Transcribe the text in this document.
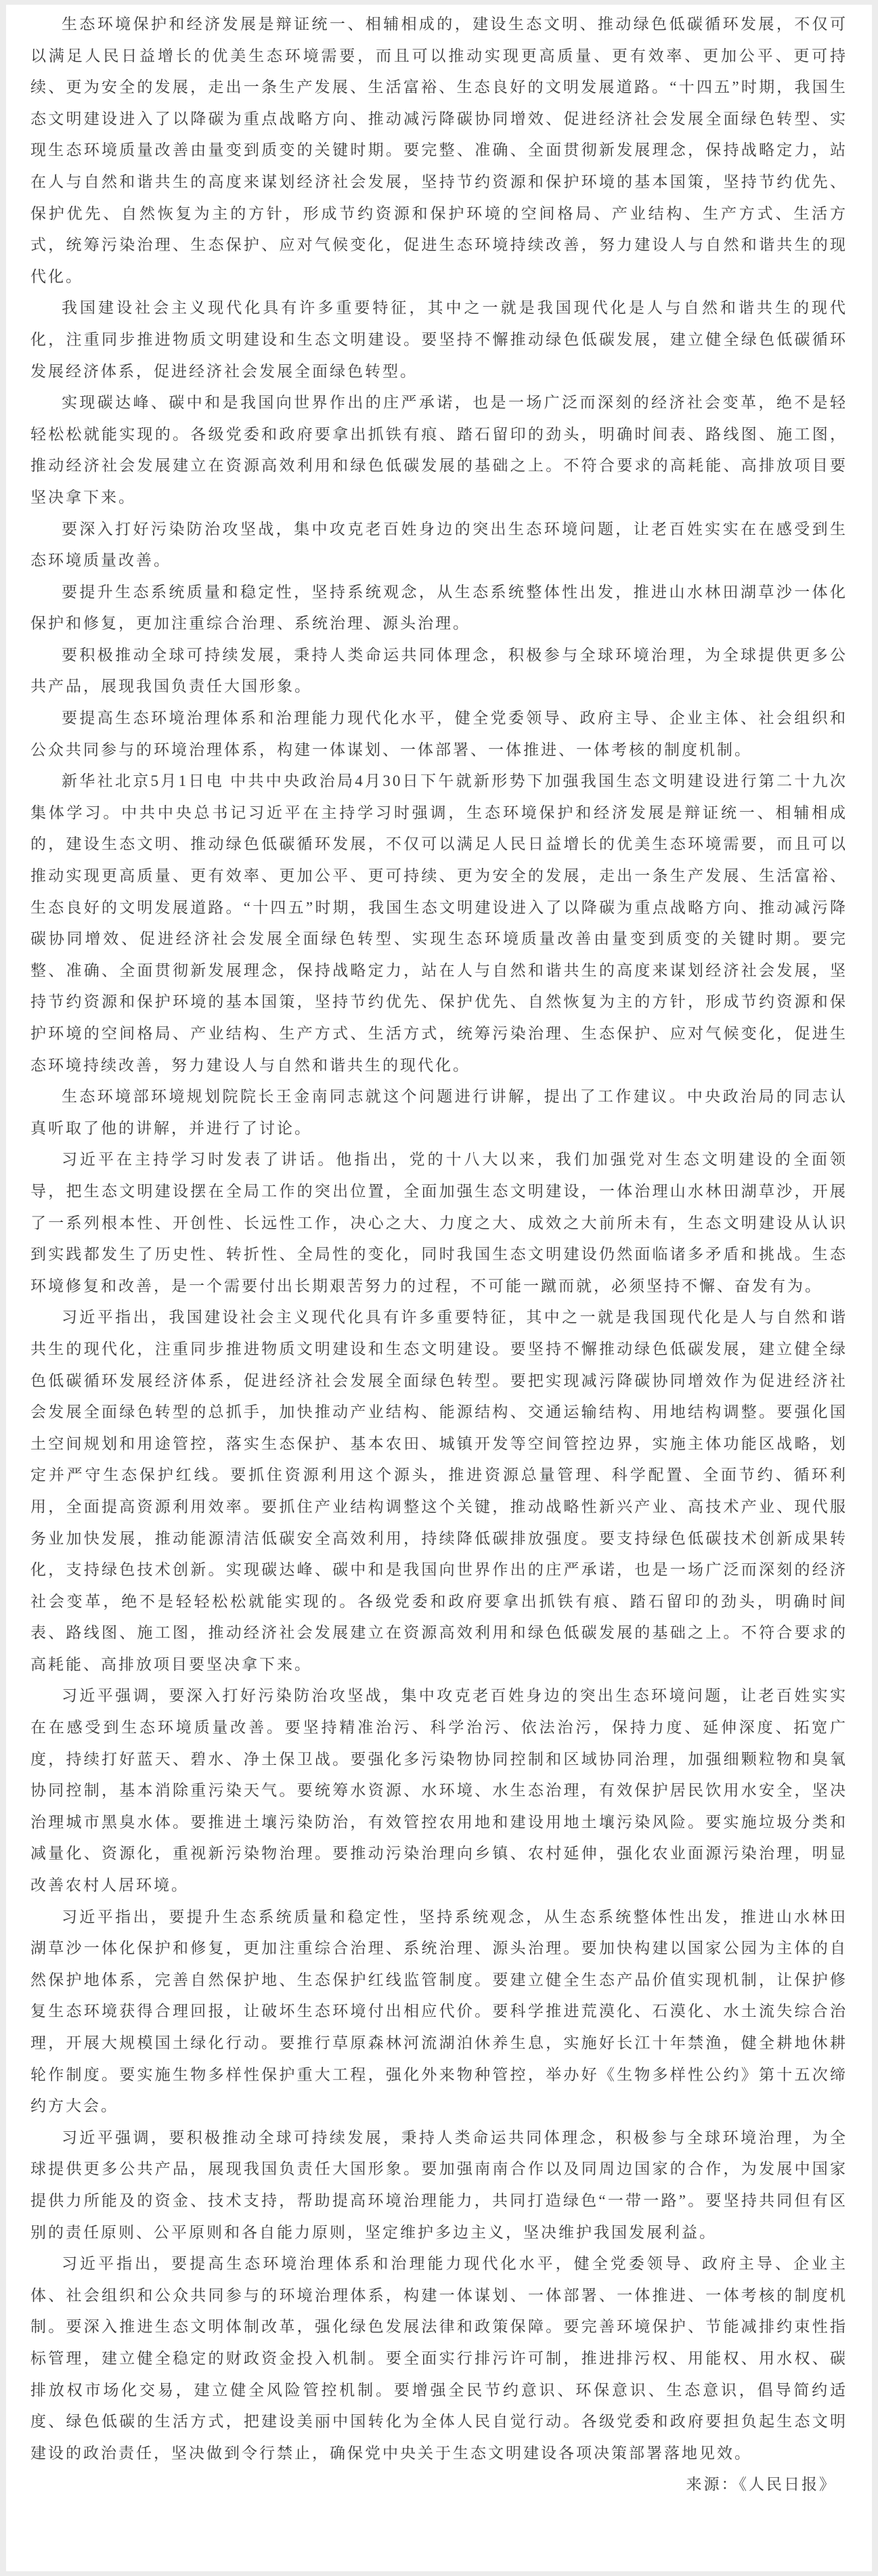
生态环境保护和经济发展是辩证统一、相辅相成的，建设生态文明、推动绿色低碳循环发展，不仅可以满足人民日益增长的优美生态环境需要，而且可以推动实现更高质量、更有效率、更加公平、更可持续、更为安全的发展，走出一条生产发展、生活富裕、生态良好的文明发展道路。“十四五”时期，我国生态文明建设进入了以降碳为重点战略方向、推动减污降碳协同增效、促进经济社会发展全面绿色转型、实现生态环境质量改善由量变到质变的关键时期。要完整、准确、全面贯彻新发展理念，保持战略定力，站在人与自然和谐共生的高度来谋划经济社会发展，坚持节约资源和保护环境的基本国策，坚持节约优先、保护优先、自然恢复为主的方针，形成节约资源和保护环境的空间格局、产业结构、生产方式、生活方式，统筹污染治理、生态保护、应对气候变化，促进生态环境持续改善，努力建设人与自然和谐共生的现代化。

我国建设社会主义现代化具有许多重要特征，其中之一就是我国现代化是人与自然和谐共生的现代化，注重同步推进物质文明建设和生态文明建设。要坚持不懈推动绿色低碳发展，建立健全绿色低碳循环发展经济体系，促进经济社会发展全面绿色转型。

实现碳达峰、碳中和是我国向世界作出的庄严承诺，也是一场广泛而深刻的经济社会变革，绝不是轻轻松松就能实现的。各级党委和政府要拿出抓铁有痕、踏石留印的劲头，明确时间表、路线图、施工图，推动经济社会发展建立在资源高效利用和绿色低碳发展的基础之上。不符合要求的高耗能、高排放项目要坚决拿下来。

要深入打好污染防治攻坚战，集中攻克老百姓身边的突出生态环境问题，让老百姓实实在在感受到生态环境质量改善。

要提升生态系统质量和稳定性，坚持系统观念，从生态系统整体性出发，推进山水林田湖草沙一体化保护和修复，更加注重综合治理、系统治理、源头治理。

要积极推动全球可持续发展，秉持人类命运共同体理念，积极参与全球环境治理，为全球提供更多公共产品，展现我国负责任大国形象。

要提高生态环境治理体系和治理能力现代化水平，健全党委领导、政府主导、企业主体、社会组织和公众共同参与的环境治理体系，构建一体谋划、一体部署、一体推进、一体考核的制度机制。

新华社北京5月1日电 中共中央政治局4月30日下午就新形势下加强我国生态文明建设进行第二十九次集体学习。中共中央总书记习近平在主持学习时强调，生态环境保护和经济发展是辩证统一、相辅相成的，建设生态文明、推动绿色低碳循环发展，不仅可以满足人民日益增长的优美生态环境需要，而且可以推动实现更高质量、更有效率、更加公平、更可持续、更为安全的发展，走出一条生产发展、生活富裕、生态良好的文明发展道路。“十四五”时期，我国生态文明建设进入了以降碳为重点战略方向、推动减污降碳协同增效、促进经济社会发展全面绿色转型、实现生态环境质量改善由量变到质变的关键时期。要完整、准确、全面贯彻新发展理念，保持战略定力，站在人与自然和谐共生的高度来谋划经济社会发展，坚持节约资源和保护环境的基本国策，坚持节约优先、保护优先、自然恢复为主的方针，形成节约资源和保护环境的空间格局、产业结构、生产方式、生活方式，统筹污染治理、生态保护、应对气候变化，促进生态环境持续改善，努力建设人与自然和谐共生的现代化。

生态环境部环境规划院院长王金南同志就这个问题进行讲解，提出了工作建议。中央政治局的同志认真听取了他的讲解，并进行了讨论。

习近平在主持学习时发表了讲话。他指出，党的十八大以来，我们加强党对生态文明建设的全面领导，把生态文明建设摆在全局工作的突出位置，全面加强生态文明建设，一体治理山水林田湖草沙，开展了一系列根本性、开创性、长远性工作，决心之大、力度之大、成效之大前所未有，生态文明建设从认识到实践都发生了历史性、转折性、全局性的变化，同时我国生态文明建设仍然面临诸多矛盾和挑战。生态环境修复和改善，是一个需要付出长期艰苦努力的过程，不可能一蹴而就，必须坚持不懈、奋发有为。

习近平指出，我国建设社会主义现代化具有许多重要特征，其中之一就是我国现代化是人与自然和谐共生的现代化，注重同步推进物质文明建设和生态文明建设。要坚持不懈推动绿色低碳发展，建立健全绿色低碳循环发展经济体系，促进经济社会发展全面绿色转型。要把实现减污降碳协同增效作为促进经济社会发展全面绿色转型的总抓手，加快推动产业结构、能源结构、交通运输结构、用地结构调整。要强化国土空间规划和用途管控，落实生态保护、基本农田、城镇开发等空间管控边界，实施主体功能区战略，划定并严守生态保护红线。要抓住资源利用这个源头，推进资源总量管理、科学配置、全面节约、循环利用，全面提高资源利用效率。要抓住产业结构调整这个关键，推动战略性新兴产业、高技术产业、现代服务业加快发展，推动能源清洁低碳安全高效利用，持续降低碳排放强度。要支持绿色低碳技术创新成果转化，支持绿色技术创新。实现碳达峰、碳中和是我国向世界作出的庄严承诺，也是一场广泛而深刻的经济社会变革，绝不是轻轻松松就能实现的。各级党委和政府要拿出抓铁有痕、踏石留印的劲头，明确时间表、路线图、施工图，推动经济社会发展建立在资源高效利用和绿色低碳发展的基础之上。不符合要求的高耗能、高排放项目要坚决拿下来。

习近平强调，要深入打好污染防治攻坚战，集中攻克老百姓身边的突出生态环境问题，让老百姓实实在在感受到生态环境质量改善。要坚持精准治污、科学治污、依法治污，保持力度、延伸深度、拓宽广度，持续打好蓝天、碧水、净土保卫战。要强化多污染物协同控制和区域协同治理，加强细颗粒物和臭氧协同控制，基本消除重污染天气。要统筹水资源、水环境、水生态治理，有效保护居民饮用水安全，坚决治理城市黑臭水体。要推进土壤污染防治，有效管控农用地和建设用地土壤污染风险。要实施垃圾分类和减量化、资源化，重视新污染物治理。要推动污染治理向乡镇、农村延伸，强化农业面源污染治理，明显改善农村人居环境。

习近平指出，要提升生态系统质量和稳定性，坚持系统观念，从生态系统整体性出发，推进山水林田湖草沙一体化保护和修复，更加注重综合治理、系统治理、源头治理。要加快构建以国家公园为主体的自然保护地体系，完善自然保护地、生态保护红线监管制度。要建立健全生态产品价值实现机制，让保护修复生态环境获得合理回报，让破坏生态环境付出相应代价。要科学推进荒漠化、石漠化、水土流失综合治理，开展大规模国土绿化行动。要推行草原森林河流湖泊休养生息，实施好长江十年禁渔，健全耕地休耕轮作制度。要实施生物多样性保护重大工程，强化外来物种管控，举办好《生物多样性公约》第十五次缔约方大会。

习近平强调，要积极推动全球可持续发展，秉持人类命运共同体理念，积极参与全球环境治理，为全球提供更多公共产品，展现我国负责任大国形象。要加强南南合作以及同周边国家的合作，为发展中国家提供力所能及的资金、技术支持，帮助提高环境治理能力，共同打造绿色“一带一路”。要坚持共同但有区别的责任原则、公平原则和各自能力原则，坚定维护多边主义，坚决维护我国发展利益。

习近平指出，要提高生态环境治理体系和治理能力现代化水平，健全党委领导、政府主导、企业主体、社会组织和公众共同参与的环境治理体系，构建一体谋划、一体部署、一体推进、一体考核的制度机制。要深入推进生态文明体制改革，强化绿色发展法律和政策保障。要完善环境保护、节能减排约束性指标管理，建立健全稳定的财政资金投入机制。要全面实行排污许可制，推进排污权、用能权、用水权、碳排放权市场化交易，建立健全风险管控机制。要增强全民节约意识、环保意识、生态意识，倡导简约适度、绿色低碳的生活方式，把建设美丽中国转化为全体人民自觉行动。各级党委和政府要担负起生态文明建设的政治责任，坚决做到令行禁止，确保党中央关于生态文明建设各项决策部署落地见效。

来源：《人民日报》
